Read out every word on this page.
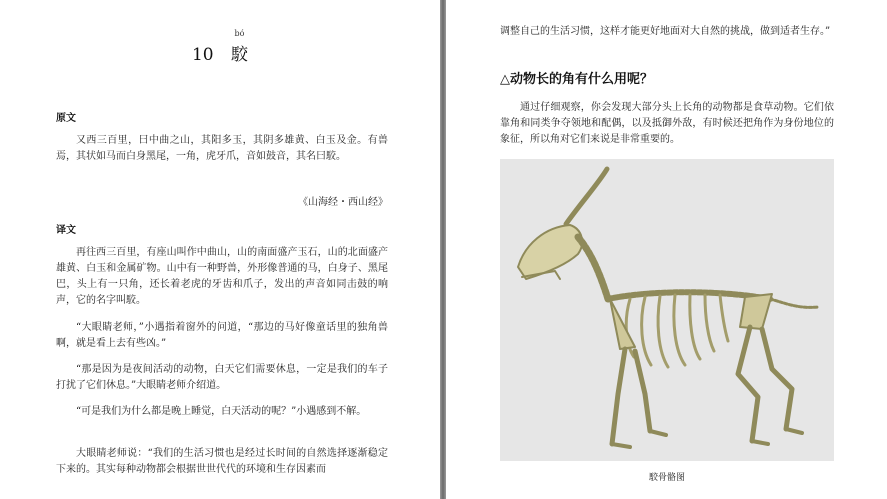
10
bó
駮
原文

又西三百里，曰中曲之山，其阳多玉，其阴多雄黄、白玉及金。有兽焉，其状如马而白身黑尾，一角，虎牙爪，音如鼓音，其名曰駮。

《山海经・西山经》
译文

再往西三百里，有座山叫作中曲山，山的南面盛产玉石，山的北面盛产雄黄、白玉和金属矿物。山中有一种野兽，外形像普通的马，白身子、黑尾巴，头上有一只角，还长着老虎的牙齿和爪子，发出的声音如同击鼓的响声，它的名字叫駮。

“大眼睛老师，”小遇指着窗外的问道，“那边的马好像童话里的独角兽啊，就是看上去有些凶。”

“那是因为是夜间活动的动物，白天它们需要休息，一定是我们的车子打扰了它们休息。”大眼睛老师介绍道。

“可是我们为什么都是晚上睡觉，白天活动的呢？”小遇感到不解。

大眼睛老师说：“我们的生活习惯也是经过长时间的自然选择逐渐稳定下来的。其实每种动物都会根据世世代代的环境和生存因素而

调整自己的生活习惯，这样才能更好地面对大自然的挑战，做到适者生存。”

△动物长的角有什么用呢？

通过仔细观察，你会发现大部分头上长角的动物都是食草动物。它们依靠角和同类争夺领地和配偶，以及抵御外敌，有时候还把角作为身份地位的象征，所以角对它们来说是非常重要的。

駮骨骼图
